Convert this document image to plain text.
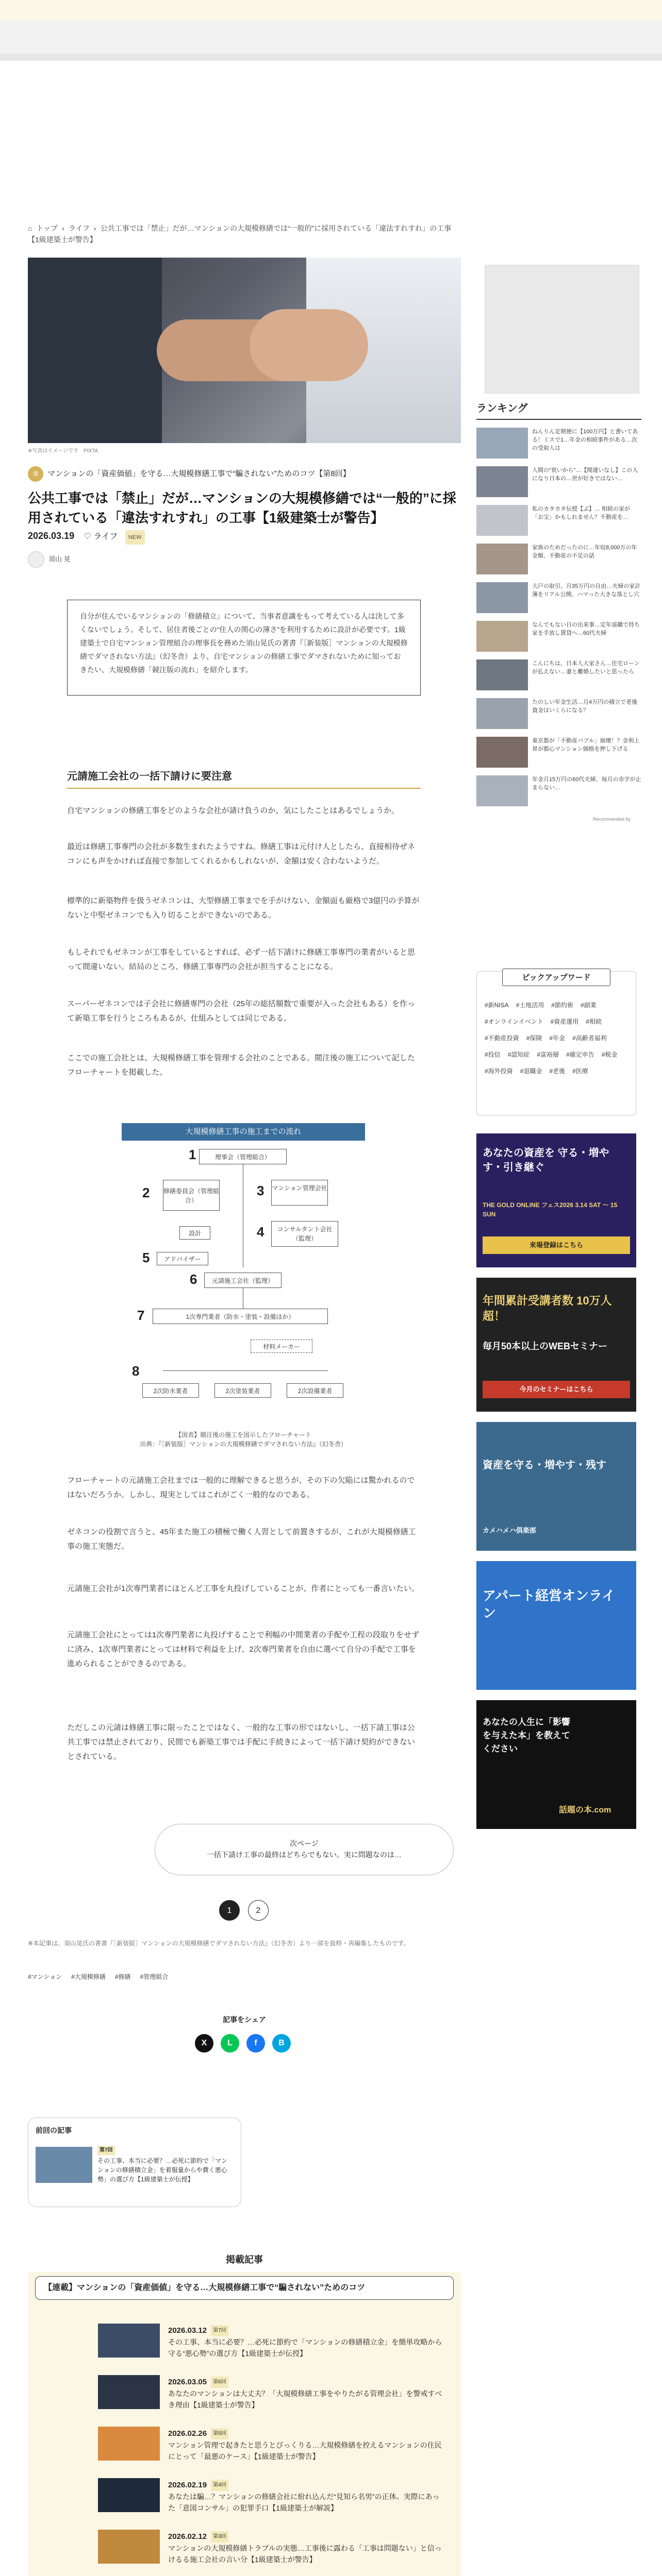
⌂ トップ › ライフ › 公共工事では「禁止」だが…マンションの大規模修繕では“一般的”に採用されている「違法すれすれ」の工事【1級建築士が警告】
※写真はイメージです　PIXTA
連 マンションの「資産価値」を守る…大規模修繕工事で“騙されない”ためのコツ【第8回】
公共工事では「禁止」だが…マンションの大規模修繕では“一般的”に採用されている「違法すれすれ」の工事【1級建築士が警告】
2026.03.19 ♡ ライフ NEW
須山 晃
自分が住んでいるマンションの「修繕積立」について、当事者意識をもって考えている人は決して多くないでしょう。そして、居住者後ごとの“住人の関心の薄さ”を利用するために設計が必要です。1級建築士で自宅マンション管理組合の理事長を務めた須山晃氏の著書『［新装版］マンションの大規模修繕でダマされない方法』（幻冬舎）より、自宅マンションの修繕工事でダマされないために知っておきたい、大規模修繕「競注版の流れ」を紹介します。
元請施工会社の一括下請けに要注意

自宅マンションの修繕工事をどのような会社が請け負うのか、気にしたことはあるでしょうか。

最近は修繕工事専門の会社が多数生まれたようですね。修繕工事は元付け人としたら、直接相待ぜネコンにも声をかければ直接で参加してくれるかもしれないが、金額は安く合わないようだ。

標準的に新築物件を扱うゼネコンは、大型修繕工事までを手がけない、金額面も厳格で3億円の予算がないと中堅ゼネコンでも入り切ることができないのである。

もしそれでもゼネコンが工事をしているとすれば、必ず一括下請けに修繕工事専門の業者がいると思って間違いない。結局のところ、修繕工事専門の会社が担当することになる。

スーパーゼネコンでは子会社に修繕専門の会社（25年の総括額数で重要が入った会社もある）を作って新築工事を行うところもあるが、仕組みとしては同じである。

ここでの施工会社とは、大規模修繕工事を管理する会社のことである。閲注後の施工について記したフローチャートを掲載した。

大規模修繕工事の施工までの流れ
理事会（管理組合）
修繕委員会（管理組合）
マンション管理会社
設計
コンサルタント会社（監理）
アドバイザー
元請施工会社（監理）
1次専門業者（防水・塗装・設備ほか）
材料メーカー
2次防水業者	2次塗装業者	2次設備業者
1
2	3
4
5
6
7
8
【図表】競注後の施工を図示したフローチャート
出典：『［新装版］マンションの大規模修繕でダマされない方法』（幻冬舎）

フローチャートの元請施工会社までは一般的に理解できると思うが、その下の欠陥には驚かれるのではないだろうか。しかし、現実としてはこれがごく一般的なのである。

ゼネコンの役割で言うと、45年また施工の積極で働く人習として前置きするが、これが大規模修繕工事の施工実態だ。

元請施工会社が1次専門業者にほとんど工事を丸投げしていることが、作者にとっても一番言いたい。

元請施工会社にとっては1次専門業者に丸投げすることで利幅の中間業者の手配や工程の段取りをせずに済み、1次専門業者にとっては材料で利益を上げ、2次専門業者を自由に選べて自分の手配で工事を進められることができるのである。

ただしこの元請は修繕工事に限ったことではなく、一般的な工事の形ではないし、一括下請工事は公共工事では禁止されており、民間でも新築工事では手配に手続きによって一括下請け契約ができないとされている。

次ページ
一括下請け工事の最終はどちらでもない。実に問題なのは…
1	2
※本記事は、須山晃氏の著書『［新装版］マンションの大規模修繕でダマされない方法』（幻冬舎）より一部を抜粋・再編集したものです。
#マンション #大規模修繕 #修繕 #管理組合
記事をシェア
X	L	f	B
前回の記事
第7回
その工事、本当に必要？…必死に節約で「マンションの修繕積立金」を着服量からや費く悪心勢」の選び方【1級建築士が伝授】
掲載記事
【連載】マンションの「資産価値」を守る…大規模修繕工事で“騙されない”ためのコツ
2026.03.12 第7回
その工事、本当に必要？…必死に節約で「マンションの修繕積立金」を簡単攻略から守る“悪心勢”の選び方【1級建築士が伝授】
2026.03.05 第6回
あなたのマンションは大丈夫？「大規模修繕工事をやりたがる管理会社」を警戒すべき理由【1級建築士が警告】
2026.02.26 第5回
マンション管理で起きたと思うとびっくりる…大規模修繕を控えるマンションの住民にとって「最悪のケース」【1級建築士が警告】
2026.02.19 第4回
あなたは騙…？マンションの修繕会社に紛れ込んだ“見知ら名男”の正体。実際にあった「意図コンサル」の犯罪手口【1級建築士が解説】
2026.02.12 第3回
マンションの大規模修繕トラブルの実態…工事後に露わる「工事は問題ない」と信っけるる施工会社の言い分【1級建築士が警告】
ランキング
ねんりん定期便に【100万円】と書いてある！ミスで1…年金の相続事件がある…次の受取人は
人間の“衰いから”…【間違いなし】この人になり日本の…世が好きではない…
私のカタカタ伝授【ぶ】… 相続の家が「お宝」かもしれません？不動産を…
家族のためだったのに…年収8,000万の年金額、不動産の不足の話
大戸の取引、月35万円の自由…夫婦の家計簿をリアル公開、ハマった大きな落とし穴
なんでもない日の出来事…定年退職で持ち家を手放し賃貸へ…60代夫婦
こんにちは、日本人大家さん…住宅ローンが払えない…妻と離婚したいと思ったら
たのしい年金生活…月4万円の積立で老後資金はいくらになる？
東京都が「不動産バブル」崩壊！？金利上昇が都心マンション価格を押し下げる
年金月15万円の60代夫婦、毎月の赤字が止まらない…
Recommended by
ピックアップワード
#新NISA #土地活用 #節約術 #副業#オンラインイベント #資産運用 #相続#不動産投資 #保険 #年金 #高齢者福利#投信 #認知症 #富裕層 #確定申告 #税金#海外投資 #退職金 #老後 #医療
あなたの資産を 守る・増やす・引き継ぐ
THE GOLD ONLINE フェス2026 3.14 SAT 〜 15 SUN
来場登録はこちら
年間累計受講者数 10万人超！
毎月50本以上のWEBセミナー
今月のセミナーはこちら
資産を守る・増やす・残す
カメハメハ倶楽部
アパート経営オンライン
あなたの人生に「影響を与えた本」を教えてください
話題の本.com
